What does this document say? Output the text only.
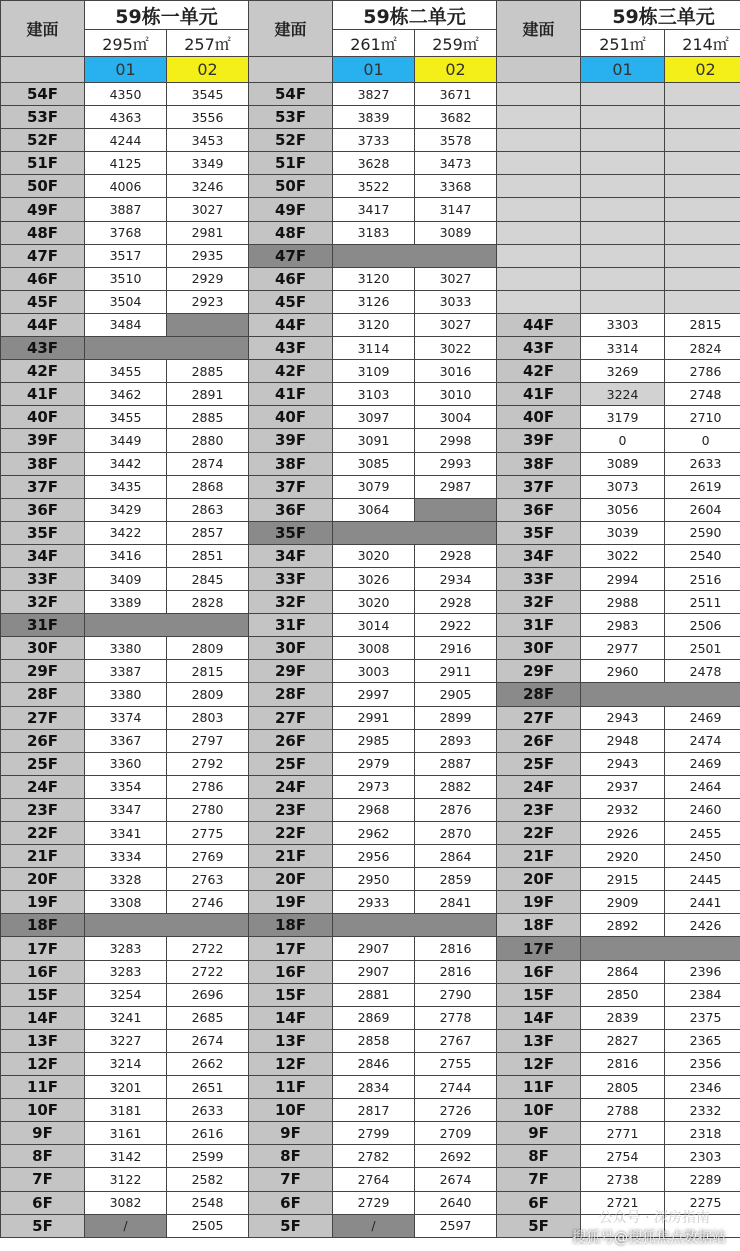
建面	59栋一单元		建面	59栋二单元		建面	59栋三单元	
	295㎡	257㎡		261㎡	259㎡		251㎡	214㎡
	01	02		01	02		01	02
54F	4350	3545	54F	3827	3671			
53F	4363	3556	53F	3839	3682			
52F	4244	3453	52F	3733	3578			
51F	4125	3349	51F	3628	3473			
50F	4006	3246	50F	3522	3368			
49F	3887	3027	49F	3417	3147			
48F	3768	2981	48F	3183	3089			
47F	3517	2935	47F					
46F	3510	2929	46F	3120	3027			
45F	3504	2923	45F	3126	3033			
44F	3484		44F	3120	3027	44F	3303	2815
43F			43F	3114	3022	43F	3314	2824
42F	3455	2885	42F	3109	3016	42F	3269	2786
41F	3462	2891	41F	3103	3010	41F	3224	2748
40F	3455	2885	40F	3097	3004	40F	3179	2710
39F	3449	2880	39F	3091	2998	39F	0	0
38F	3442	2874	38F	3085	2993	38F	3089	2633
37F	3435	2868	37F	3079	2987	37F	3073	2619
36F	3429	2863	36F	3064		36F	3056	2604
35F	3422	2857	35F			35F	3039	2590
34F	3416	2851	34F	3020	2928	34F	3022	2540
33F	3409	2845	33F	3026	2934	33F	2994	2516
32F	3389	2828	32F	3020	2928	32F	2988	2511
31F			31F	3014	2922	31F	2983	2506
30F	3380	2809	30F	3008	2916	30F	2977	2501
29F	3387	2815	29F	3003	2911	29F	2960	2478
28F	3380	2809	28F	2997	2905	28F		
27F	3374	2803	27F	2991	2899	27F	2943	2469
26F	3367	2797	26F	2985	2893	26F	2948	2474
25F	3360	2792	25F	2979	2887	25F	2943	2469
24F	3354	2786	24F	2973	2882	24F	2937	2464
23F	3347	2780	23F	2968	2876	23F	2932	2460
22F	3341	2775	22F	2962	2870	22F	2926	2455
21F	3334	2769	21F	2956	2864	21F	2920	2450
20F	3328	2763	20F	2950	2859	20F	2915	2445
19F	3308	2746	19F	2933	2841	19F	2909	2441
18F			18F			18F	2892	2426
17F	3283	2722	17F	2907	2816	17F		
16F	3283	2722	16F	2907	2816	16F	2864	2396
15F	3254	2696	15F	2881	2790	15F	2850	2384
14F	3241	2685	14F	2869	2778	14F	2839	2375
13F	3227	2674	13F	2858	2767	13F	2827	2365
12F	3214	2662	12F	2846	2755	12F	2816	2356
11F	3201	2651	11F	2834	2744	11F	2805	2346
10F	3181	2633	10F	2817	2726	10F	2788	2332
9F	3161	2616	9F	2799	2709	9F	2771	2318
8F	3142	2599	8F	2782	2692	8F	2754	2303
7F	3122	2582	7F	2764	2674	7F	2738	2289
6F	3082	2548	6F	2729	2640	6F	2721	2275
5F	/	2505	5F	/	2597	5F			公众号 · 深房指南
搜狐号@搜狐焦点数据站
